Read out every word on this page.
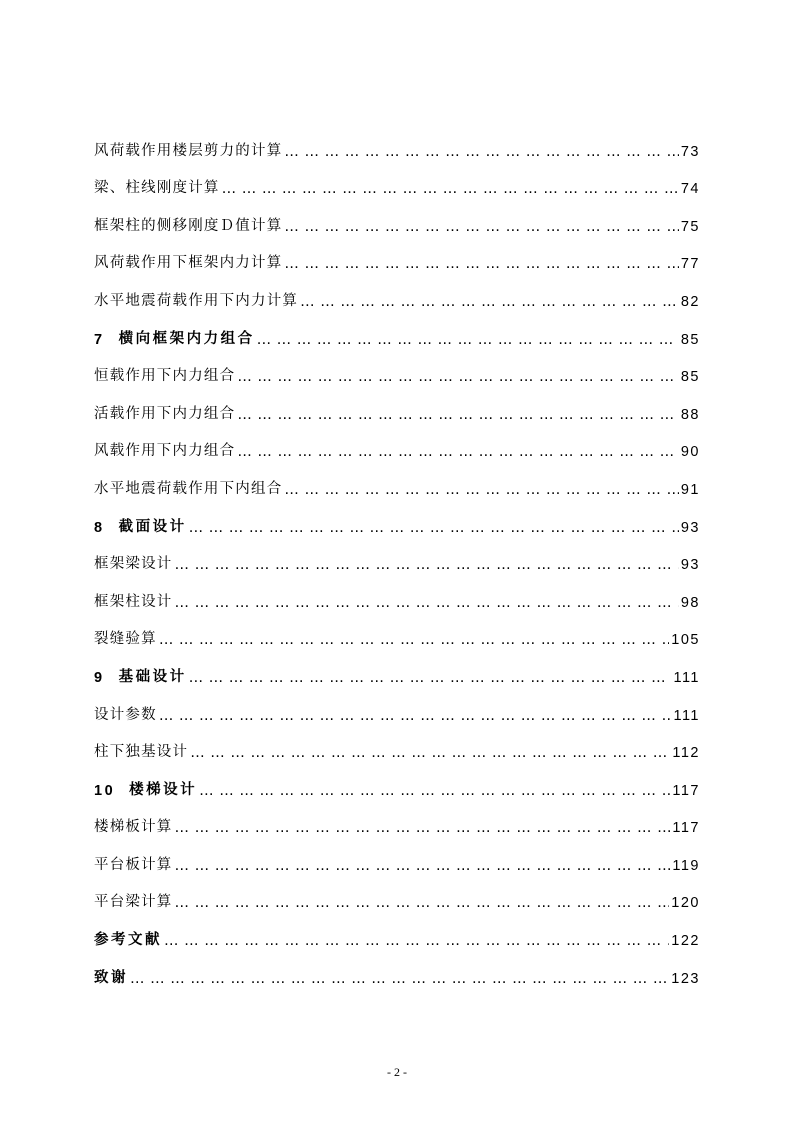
风荷载作用楼层剪力的计算 … … … … … … … … … … … … … … … … … … … … … … … … … … … … … … … … … … … … … … … … … … … … … … … … … … … …	73
梁、柱线刚度计算 … … … … … … … … … … … … … … … … … … … … … … … … … … … … … … … … … … … … … … … … … … … … … … … … … … … …	74
框架柱的侧移刚度Ｄ值计算 … … … … … … … … … … … … … … … … … … … … … … … … … … … … … … … … … … … … … … … … … … … … … … … … … … … …	75
风荷载作用下框架内力计算 … … … … … … … … … … … … … … … … … … … … … … … … … … … … … … … … … … … … … … … … … … … … … … … … … … … …	77
水平地震荷载作用下内力计算 … … … … … … … … … … … … … … … … … … … … … … … … … … … … … … … … … … … … … … … … … … … … … … … … … … … …	82
7 横向框架内力组合 … … … … … … … … … … … … … … … … … … … … … … … … … … … … … … … … … … … … … … … … … … … … … … … … … … … …	85
恒载作用下内力组合 … … … … … … … … … … … … … … … … … … … … … … … … … … … … … … … … … … … … … … … … … … … … … … … … … … … …	85
活载作用下内力组合 … … … … … … … … … … … … … … … … … … … … … … … … … … … … … … … … … … … … … … … … … … … … … … … … … … … …	88
风载作用下内力组合 … … … … … … … … … … … … … … … … … … … … … … … … … … … … … … … … … … … … … … … … … … … … … … … … … … … …	90
水平地震荷载作用下内组合 … … … … … … … … … … … … … … … … … … … … … … … … … … … … … … … … … … … … … … … … … … … … … … … … … … … …	91
8 截面设计 … … … … … … … … … … … … … … … … … … … … … … … … … … … … … … … … … … … … … … … … … … … … … … … … … … … …	93
框架梁设计 … … … … … … … … … … … … … … … … … … … … … … … … … … … … … … … … … … … … … … … … … … … … … … … … … … … …	93
框架柱设计 … … … … … … … … … … … … … … … … … … … … … … … … … … … … … … … … … … … … … … … … … … … … … … … … … … … …	98
裂缝验算 … … … … … … … … … … … … … … … … … … … … … … … … … … … … … … … … … … … … … … … … … … … … … … … … … … … …	105
9 基础设计 … … … … … … … … … … … … … … … … … … … … … … … … … … … … … … … … … … … … … … … … … … … … … … … … … … … …	111
设计参数 … … … … … … … … … … … … … … … … … … … … … … … … … … … … … … … … … … … … … … … … … … … … … … … … … … … …	111
柱下独基设计 … … … … … … … … … … … … … … … … … … … … … … … … … … … … … … … … … … … … … … … … … … … … … … … … … … … …	112
10 楼梯设计 … … … … … … … … … … … … … … … … … … … … … … … … … … … … … … … … … … … … … … … … … … … … … … … … … … … …	117
楼梯板计算 … … … … … … … … … … … … … … … … … … … … … … … … … … … … … … … … … … … … … … … … … … … … … … … … … … … …	117
平台板计算 … … … … … … … … … … … … … … … … … … … … … … … … … … … … … … … … … … … … … … … … … … … … … … … … … … … …	119
平台梁计算 … … … … … … … … … … … … … … … … … … … … … … … … … … … … … … … … … … … … … … … … … … … … … … … … … … … …	120
参考文献 … … … … … … … … … … … … … … … … … … … … … … … … … … … … … … … … … … … … … … … … … … … … … … … … … … … …	122
致谢 … … … … … … … … … … … … … … … … … … … … … … … … … … … … … … … … … … … … … … … … … … … … … … … … … … … …	123
- 2 -
